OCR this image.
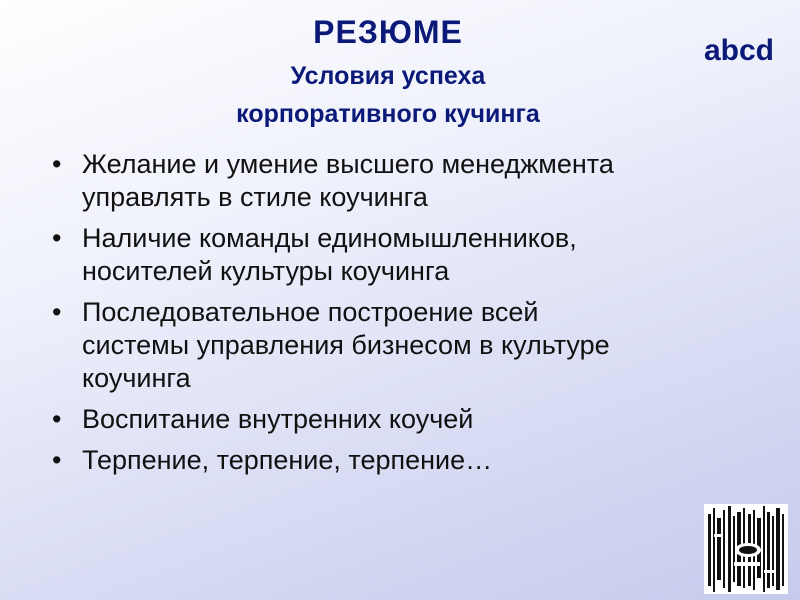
РЕЗЮМЕ
Условия успеха
корпоративного кучинга
abcd
• Желание и умение высшего менеджмента
управлять в стиле коучинга
• Наличие команды единомышленников,
носителей культуры коучинга
• Последовательное построение всей
системы управления бизнесом в культуре
коучинга
• Воспитание внутренних коучей
• Терпение, терпение, терпение…
